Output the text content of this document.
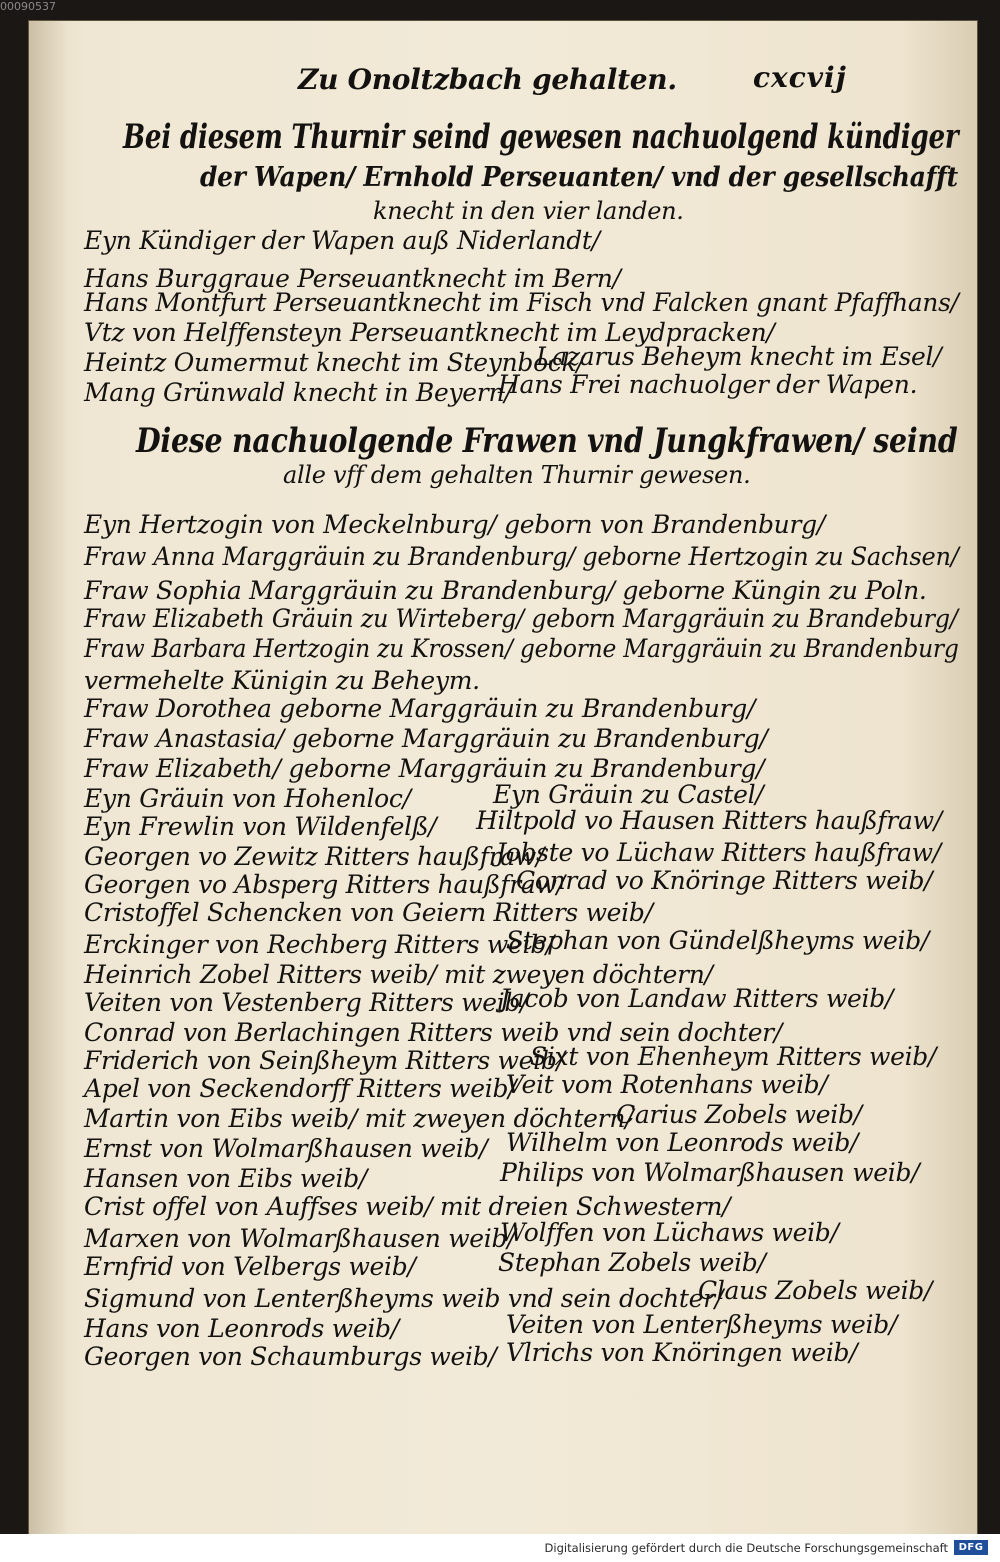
00090537
Zu Onoltzbach gehalten.	cxcvij
Bei diesem Thurnir seind gewesen nachuolgend kündiger
der Wapen/ Ernhold Perseuanten/ vnd der gesellschafft
knecht in den vier landen.
Eyn Kündiger der Wapen auß Niderlandt/
Hans Burggraue Perseuantknecht im Bern/
Hans Montfurt Perseuantknecht im Fisch vnd Falcken gnant Pfaffhans/
Vtz von Helffensteyn Perseuantknecht im Leydpracken/
Heintz Oumermut knecht im Steynbock/
Lazarus Beheym knecht im Esel/
Mang Grünwald knecht in Beyern/
Hans Frei nachuolger der Wapen.
Diese nachuolgende Frawen vnd Jungkfrawen/ seind
alle vff dem gehalten Thurnir gewesen.
Eyn Hertzogin von Meckelnburg/ geborn von Brandenburg/
Fraw Anna Marggräuin zu Brandenburg/ geborne Hertzogin zu Sachsen/
Fraw Sophia Marggräuin zu Brandenburg/ geborne Küngin zu Poln.
Fraw Elizabeth Gräuin zu Wirteberg/ geborn Marggräuin zu Brandeburg/
Fraw Barbara Hertzogin zu Krossen/ geborne Marggräuin zu Brandenburg
vermehelte Künigin zu Beheym.
Fraw Dorothea geborne Marggräuin zu Brandenburg/
Fraw Anastasia/ geborne Marggräuin zu Brandenburg/
Fraw Elizabeth/ geborne Marggräuin zu Brandenburg/
Eyn Gräuin von Hohenloc/	Eyn Gräuin zu Castel/
Eyn Frewlin von Wildenfelß/ Hiltpold vo Hausen Ritters haußfraw/
Georgen vo Zewitz Ritters haußfraw/
Jobste vo Lüchaw Ritters haußfraw/
Georgen vo Absperg Ritters haußfraw/
Conrad vo Knöringe Ritters weib/
Cristoffel Schencken von Geiern Ritters weib/
Erckinger von Rechberg Ritters weib/
Stephan von Gündelßheyms weib/
Heinrich Zobel Ritters weib/ mit zweyen döchtern/
Veiten von Vestenberg Ritters weib/
Jacob von Landaw Ritters weib/
Conrad von Berlachingen Ritters weib vnd sein dochter/
Friderich von Seinßheym Ritters weib/
Sixt von Ehenheym Ritters weib/
Apel von Seckendorff Ritters weib/
Veit vom Rotenhans weib/
Martin von Eibs weib/ mit zweyen döchtern/
Carius Zobels weib/
Ernst von Wolmarßhausen weib/ Wilhelm von Leonrods weib/
Hansen von Eibs weib/	Philips von Wolmarßhausen weib/
Crist offel von Auffses weib/ mit dreien Schwestern/
Marxen von Wolmarßhausen weib/
Wolffen von Lüchaws weib/
Ernfrid von Velbergs weib/	Stephan Zobels weib/
Sigmund von Lenterßheyms weib vnd sein dochter/
Claus Zobels weib/
Hans von Leonrods weib/	Veiten von Lenterßheyms weib/
Georgen von Schaumburgs weib/ Vlrichs von Knöringen weib/
Digitalisierung gefördert durch die Deutsche Forschungsgemeinschaft	DFG
